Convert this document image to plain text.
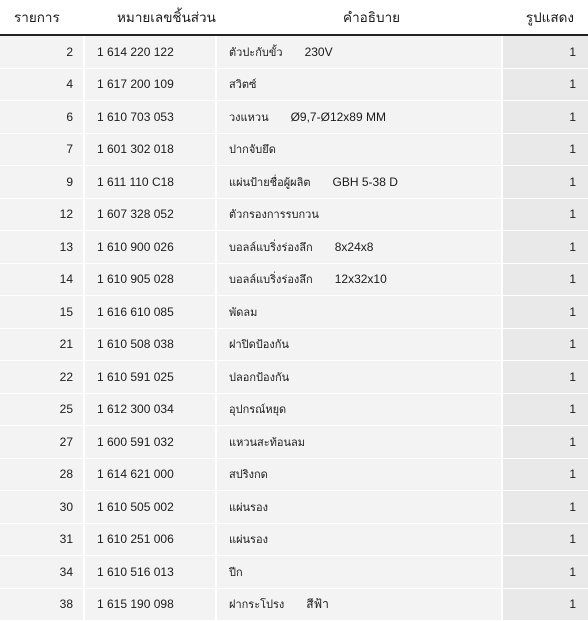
รายการ	หมายเลขชิ้นส่วน	คำอธิบาย	รูปแสดง
2	1 614 220 122	ตัวปะกับขั้ว 230V	1
4	1 617 200 109	สวิตซ์	1
6	1 610 703 053	วงแหวน Ø9,7-Ø12x89 MM	1
7	1 601 302 018	ปากจับยึด	1
9	1 611 110 C18	แผ่นป้ายชื่อผู้ผลิต GBH 5-38 D	1
12	1 607 328 052	ตัวกรองการรบกวน	1
13	1 610 900 026	บอลล์แบริ่งร่องลึก 8x24x8	1
14	1 610 905 028	บอลล์แบริ่งร่องลึก 12x32x10	1
15	1 616 610 085	พัดลม	1
21	1 610 508 038	ฝาปิดป้องกัน	1
22	1 610 591 025	ปลอกป้องกัน	1
25	1 612 300 034	อุปกรณ์หยุด	1
27	1 600 591 032	แหวนสะท้อนลม	1
28	1 614 621 000	สปริงกด	1
30	1 610 505 002	แผ่นรอง	1
31	1 610 251 006	แผ่นรอง	1
34	1 610 516 013	ปีก	1
38	1 615 190 098	ฝากระโปรง สีฟ้า	1
